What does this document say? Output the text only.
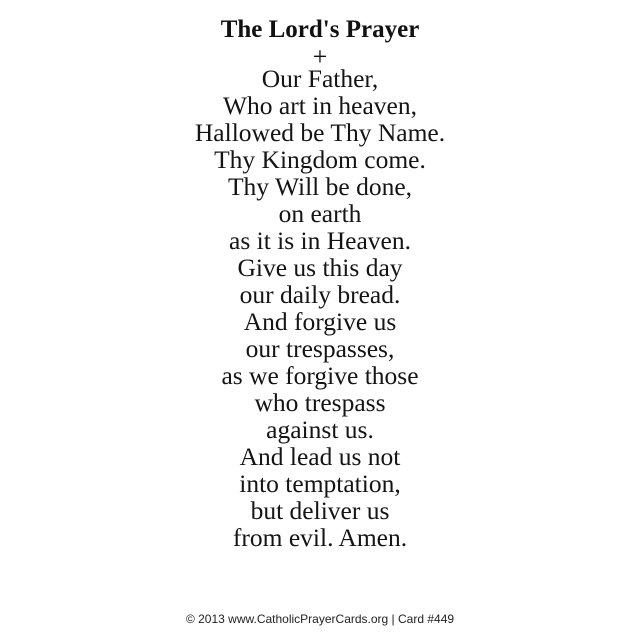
The Lord's Prayer
+
Our Father,
Who art in heaven,
Hallowed be Thy Name.
Thy Kingdom come.
Thy Will be done,
on earth
as it is in Heaven.
Give us this day
our daily bread.
And forgive us
our trespasses,
as we forgive those
who trespass
against us.
And lead us not
into temptation,
but deliver us
from evil. Amen.
© 2013 www.CatholicPrayerCards.org | Card #449
